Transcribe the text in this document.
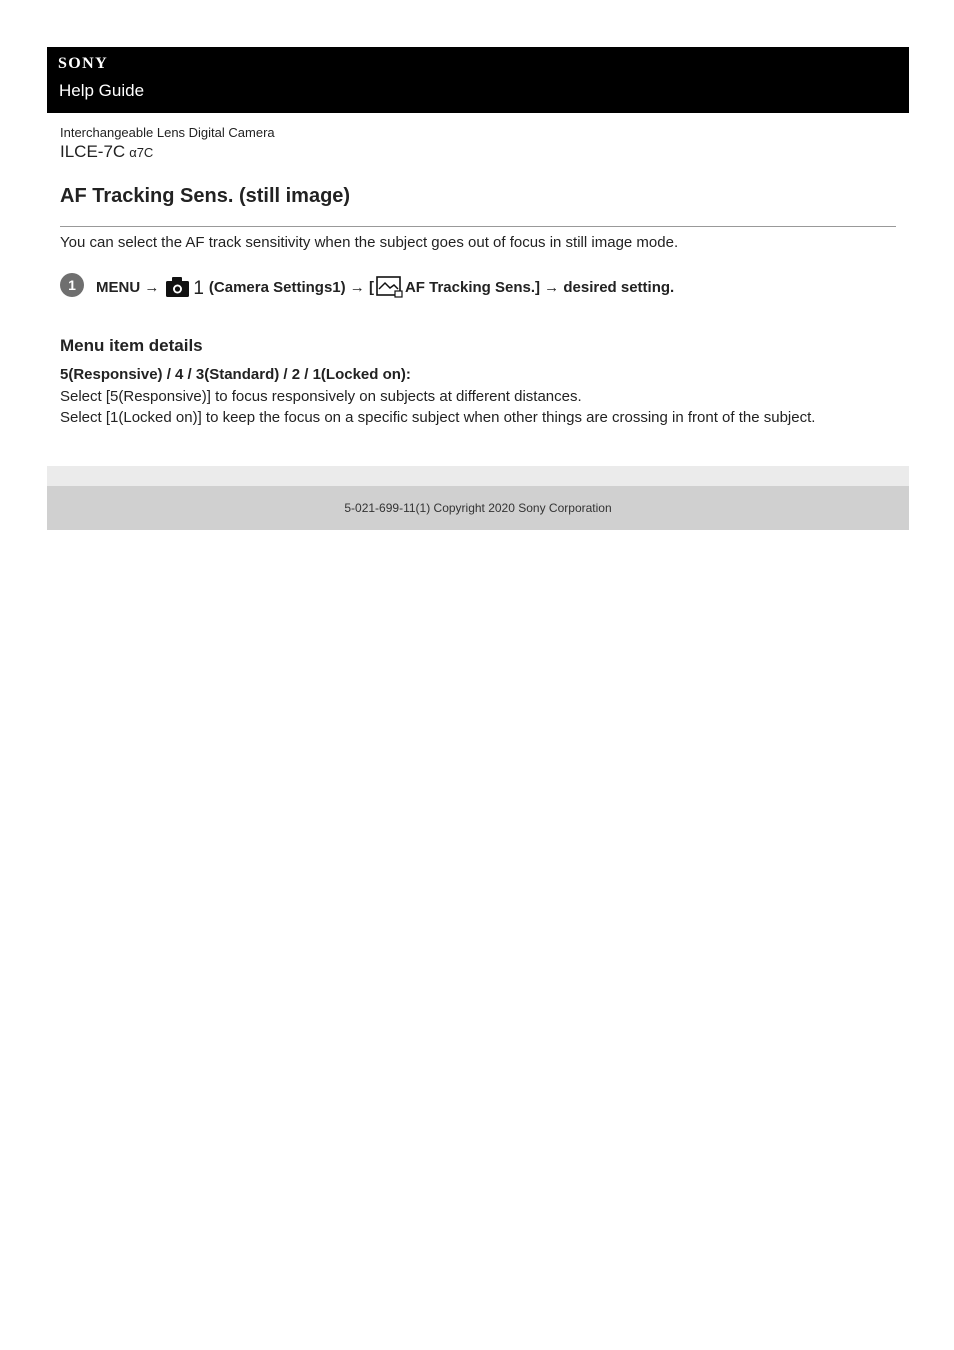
SONY
Help Guide
Interchangeable Lens Digital Camera
ILCE-7C α7C
AF Tracking Sens. (still image)
You can select the AF track sensitivity when the subject goes out of focus in still image mode.
1	MENU → 1 (Camera Settings1) → [ AF Tracking Sens.] → desired setting.
Menu item details
5(Responsive) / 4 / 3(Standard) / 2 / 1(Locked on):
Select [5(Responsive)] to focus responsively on subjects at different distances.
Select [1(Locked on)] to keep the focus on a specific subject when other things are crossing in front of the subject.
5-021-699-11(1) Copyright 2020 Sony Corporation
